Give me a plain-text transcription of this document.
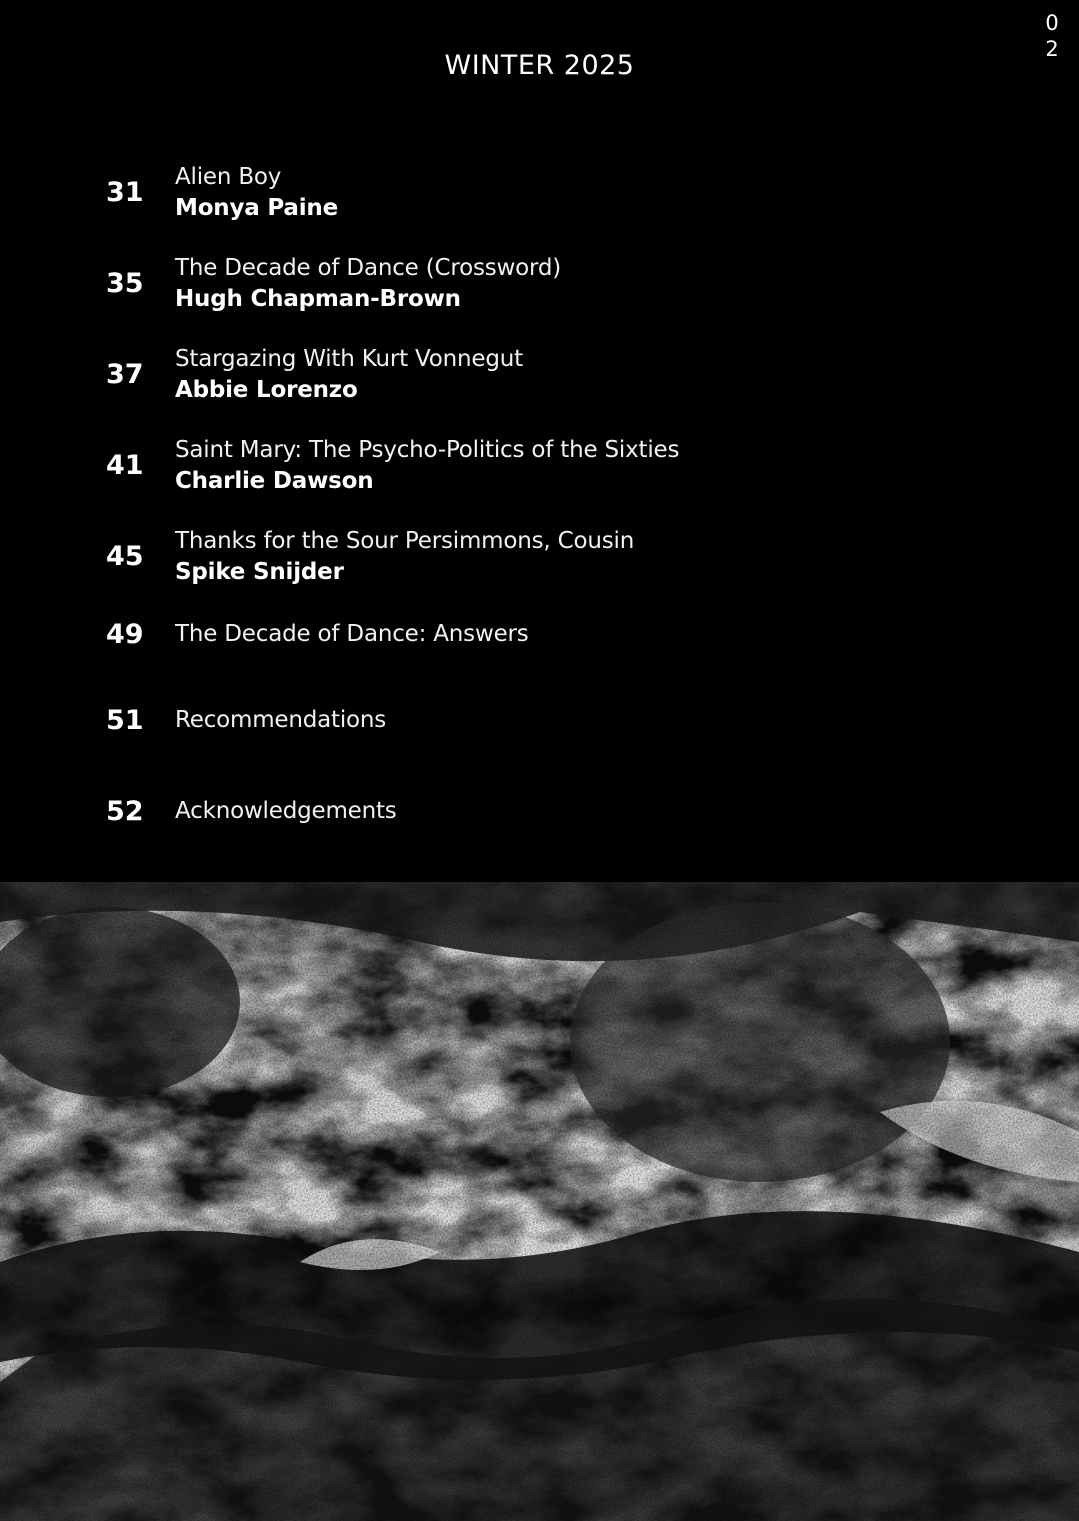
0
2
WINTER 2025
31	Alien Boy
Monya Paine
35	The Decade of Dance (Crossword)
Hugh Chapman-Brown
37	Stargazing With Kurt Vonnegut
Abbie Lorenzo
41	Saint Mary: The Psycho-Politics of the Sixties
Charlie Dawson
45	Thanks for the Sour Persimmons, Cousin
Spike Snijder
49	The Decade of Dance: Answers
51	Recommendations
52	Acknowledgements
